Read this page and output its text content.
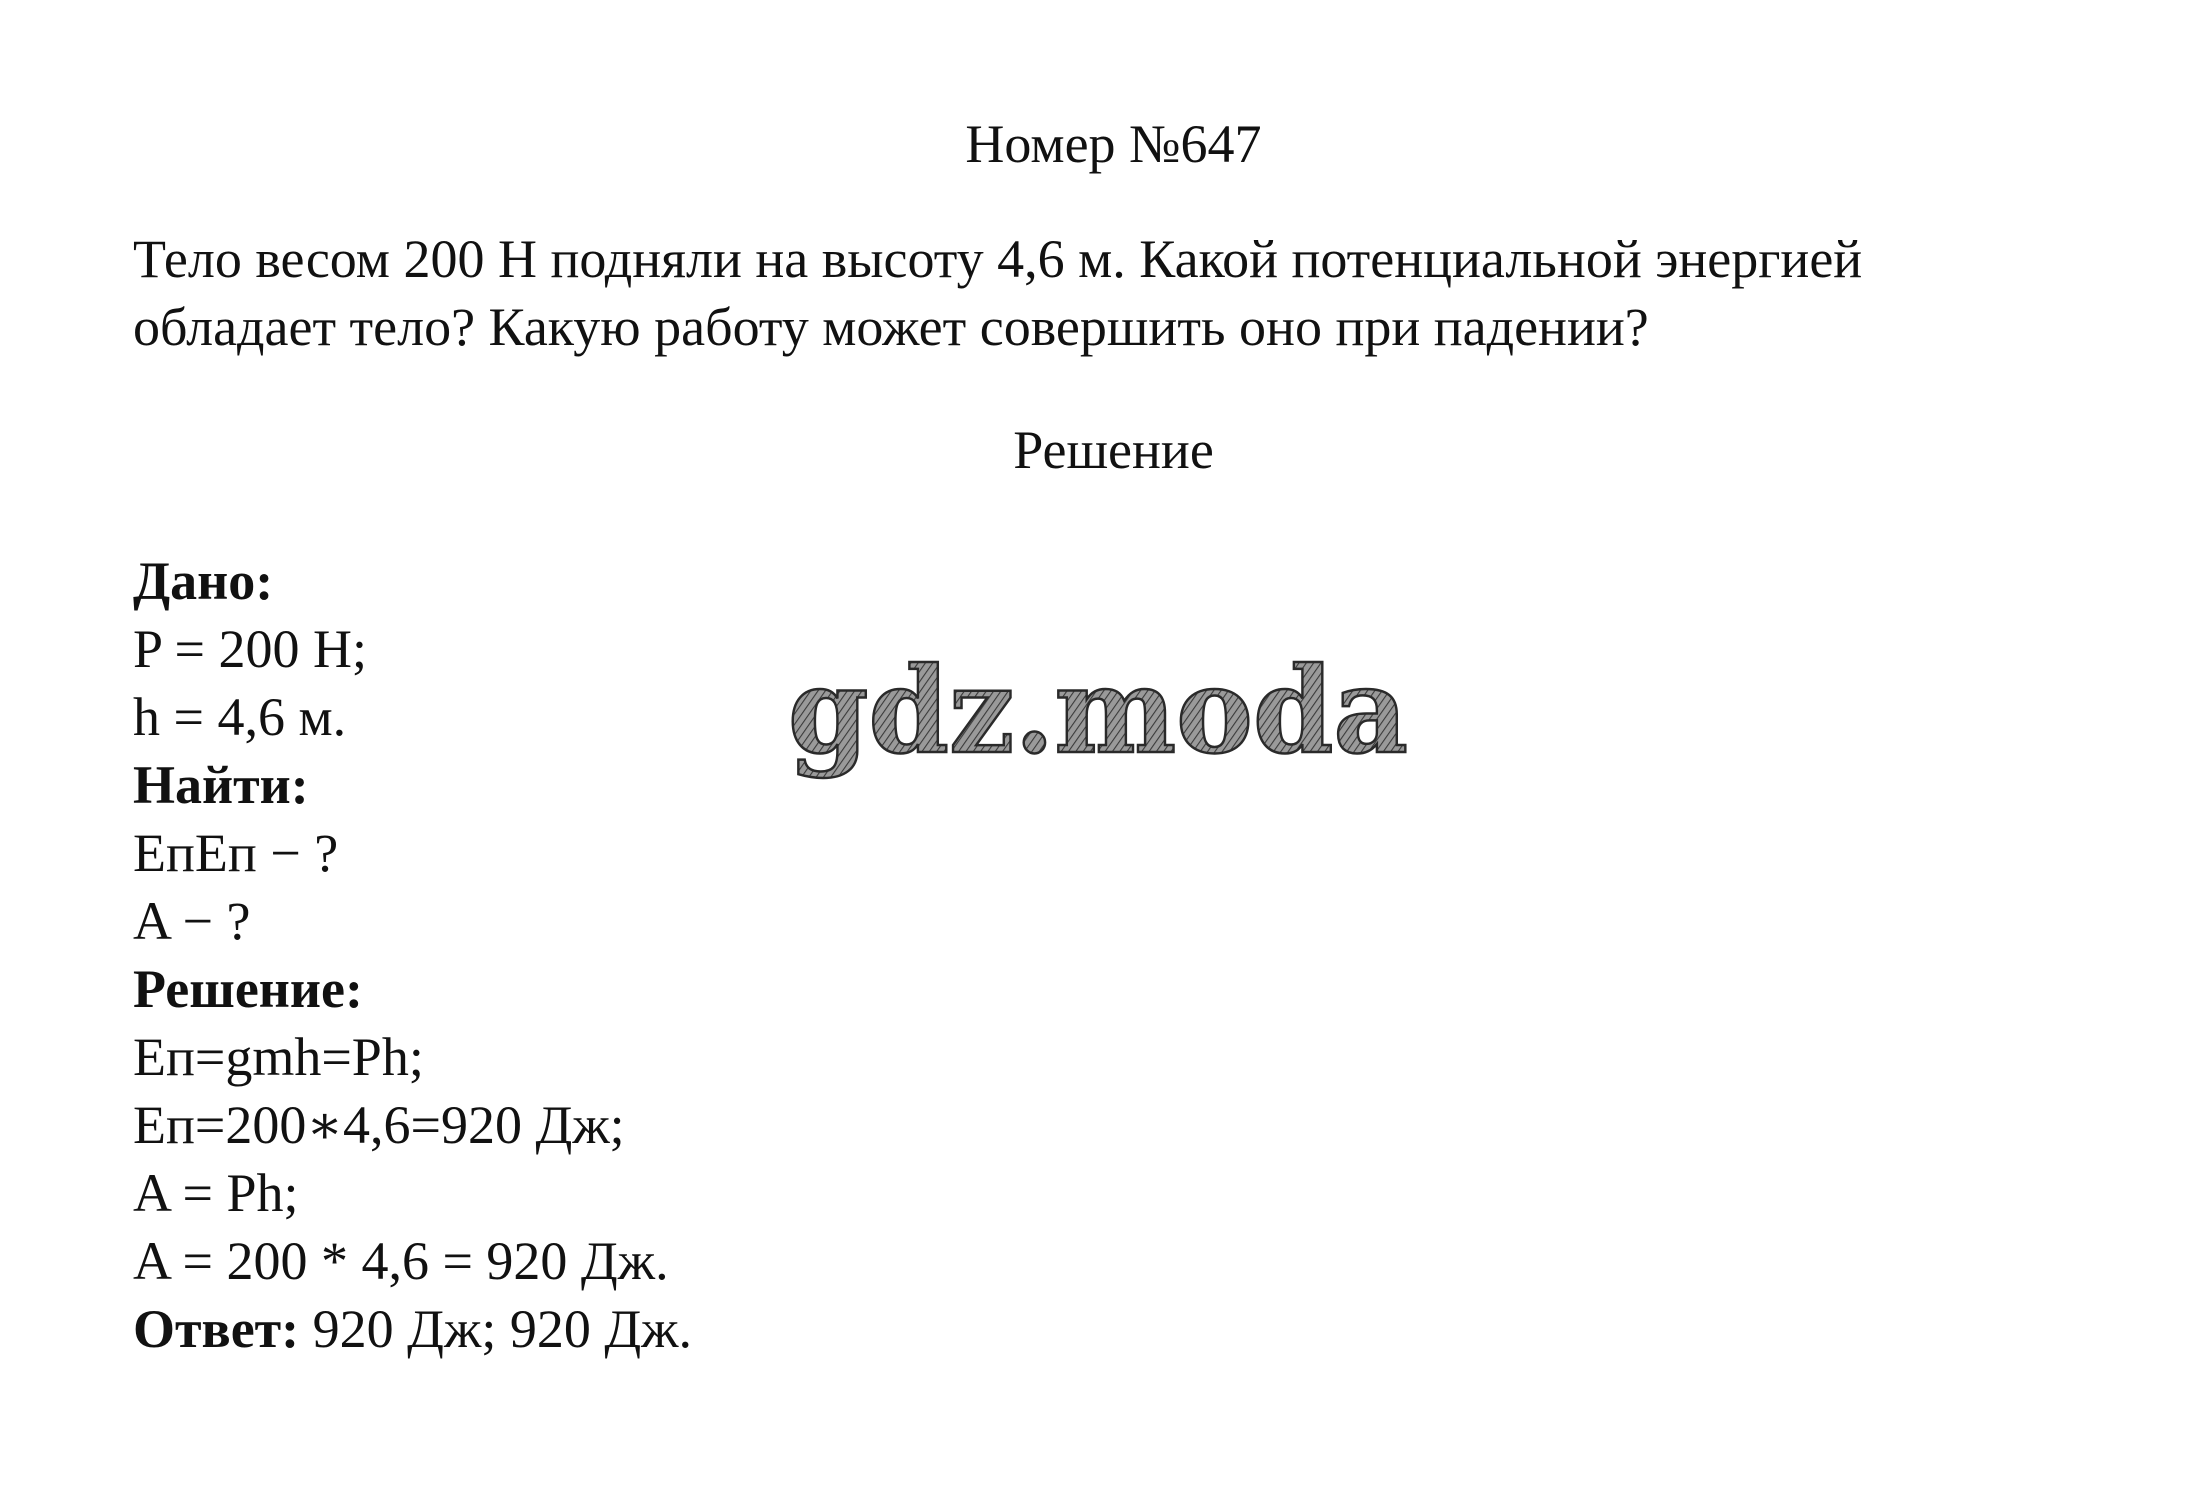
Номер №647
Тело весом 200 Н подняли на высоту 4,6 м. Какой потенциальной энергией
обладает тело? Какую работу может совершить оно при падении?
Решение
Дано:
P = 200 H;
h = 4,6 м.
Найти:
EпEп − ?
A − ?
Решение:
Eп=gmh=Ph;
Eп=200∗4,6=920 Дж;
A = Ph;
A = 200 * 4,6 = 920 Дж.
Ответ: 920 Дж; 920 Дж.
gdz.moda
